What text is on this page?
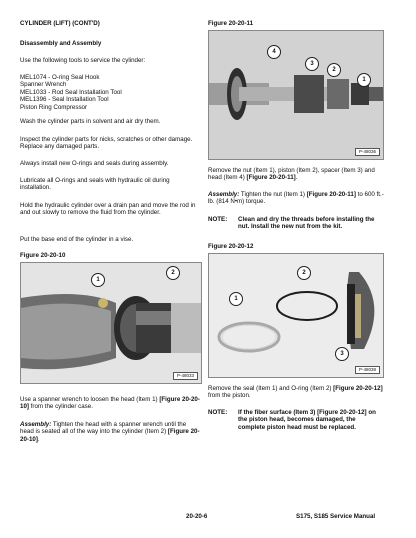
CYLINDER (LIFT) (CONT'D)
Disassembly and Assembly

Use the following tools to service the cylinder:

MEL1074 - O-ring Seal Hook
Spanner Wrench
MEL1033 - Rod Seal Installation Tool
MEL1396 - Seal Installation Tool
Piston Ring Compressor

Wash the cylinder parts in solvent and air dry them.

Inspect the cylinder parts for nicks, scratches or other damage. Replace any damaged parts.

Always install new O-rings and seals during assembly.

Lubricate all O-rings and seals with hydraulic oil during installation.

Hold the hydraulic cylinder over a drain pan and move the rod in and out slowly to remove the fluid from the cylinder.

Put the base end of the cylinder in a vise.

Figure 20-20-10
1
2
P-48033

Use a spanner wrench to loosen the head (Item 1) [Figure 20-20-10] from the cylinder case.

Assembly: Tighten the head with a spanner wrench until the head is seated all of the way into the cylinder (Item 2) [Figure 20-20-10].

Figure 20-20-11
4
3
2
1
P-48036

Remove the nut (Item 1), piston (Item 2), spacer (Item 3) and head (Item 4) [Figure 20-20-11].

Assembly: Tighten the nut (Item 1) [Figure 20-20-11] to 600 ft.-lb. (814 N•m) torque.

NOTE: Clean and dry the threads before installing the nut. Install the new nut from the kit.
Figure 20-20-12
2
1
3
P-48038

Remove the seal (Item 1) and O-ring (Item 2) [Figure 20-20-12] from the piston.

NOTE: If the fiber surface (Item 3) [Figure 20-20-12] on the piston head, becomes damaged, the complete piston head must be replaced.
20-20-6	S175, S185 Service Manual
